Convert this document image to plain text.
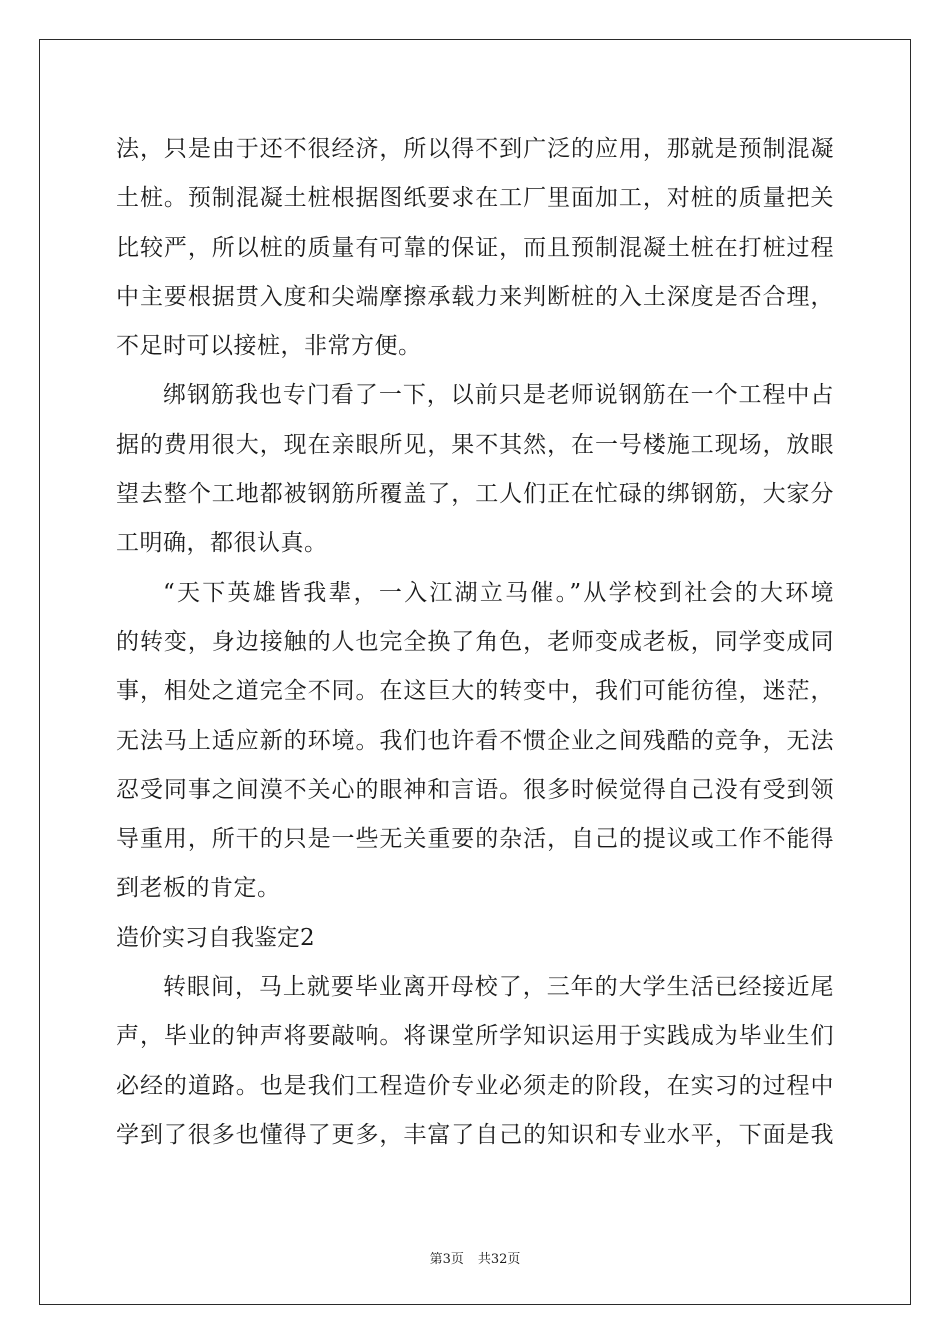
法，只是由于还不很经济，所以得不到广泛的应用，那就是预制混凝
土桩。预制混凝土桩根据图纸要求在工厂里面加工，对桩的质量把关
比较严，所以桩的质量有可靠的保证，而且预制混凝土桩在打桩过程
中主要根据贯入度和尖端摩擦承载力来判断桩的入土深度是否合理，
不足时可以接桩，非常方便。
绑钢筋我也专门看了一下，以前只是老师说钢筋在一个工程中占
据的费用很大，现在亲眼所见，果不其然，在一号楼施工现场，放眼
望去整个工地都被钢筋所覆盖了，工人们正在忙碌的绑钢筋，大家分
工明确，都很认真。
“天下英雄皆我辈，一入江湖立马催。”从学校到社会的大环境
的转变，身边接触的人也完全换了角色，老师变成老板，同学变成同
事，相处之道完全不同。在这巨大的转变中，我们可能彷徨，迷茫，
无法马上适应新的环境。我们也许看不惯企业之间残酷的竞争，无法
忍受同事之间漠不关心的眼神和言语。很多时候觉得自己没有受到领
导重用，所干的只是一些无关重要的杂活，自己的提议或工作不能得
到老板的肯定。
造价实习自我鉴定2
转眼间，马上就要毕业离开母校了，三年的大学生活已经接近尾
声，毕业的钟声将要敲响。将课堂所学知识运用于实践成为毕业生们
必经的道路。也是我们工程造价专业必须走的阶段，在实习的过程中
学到了很多也懂得了更多，丰富了自己的知识和专业水平，下面是我
第3页 共32页
